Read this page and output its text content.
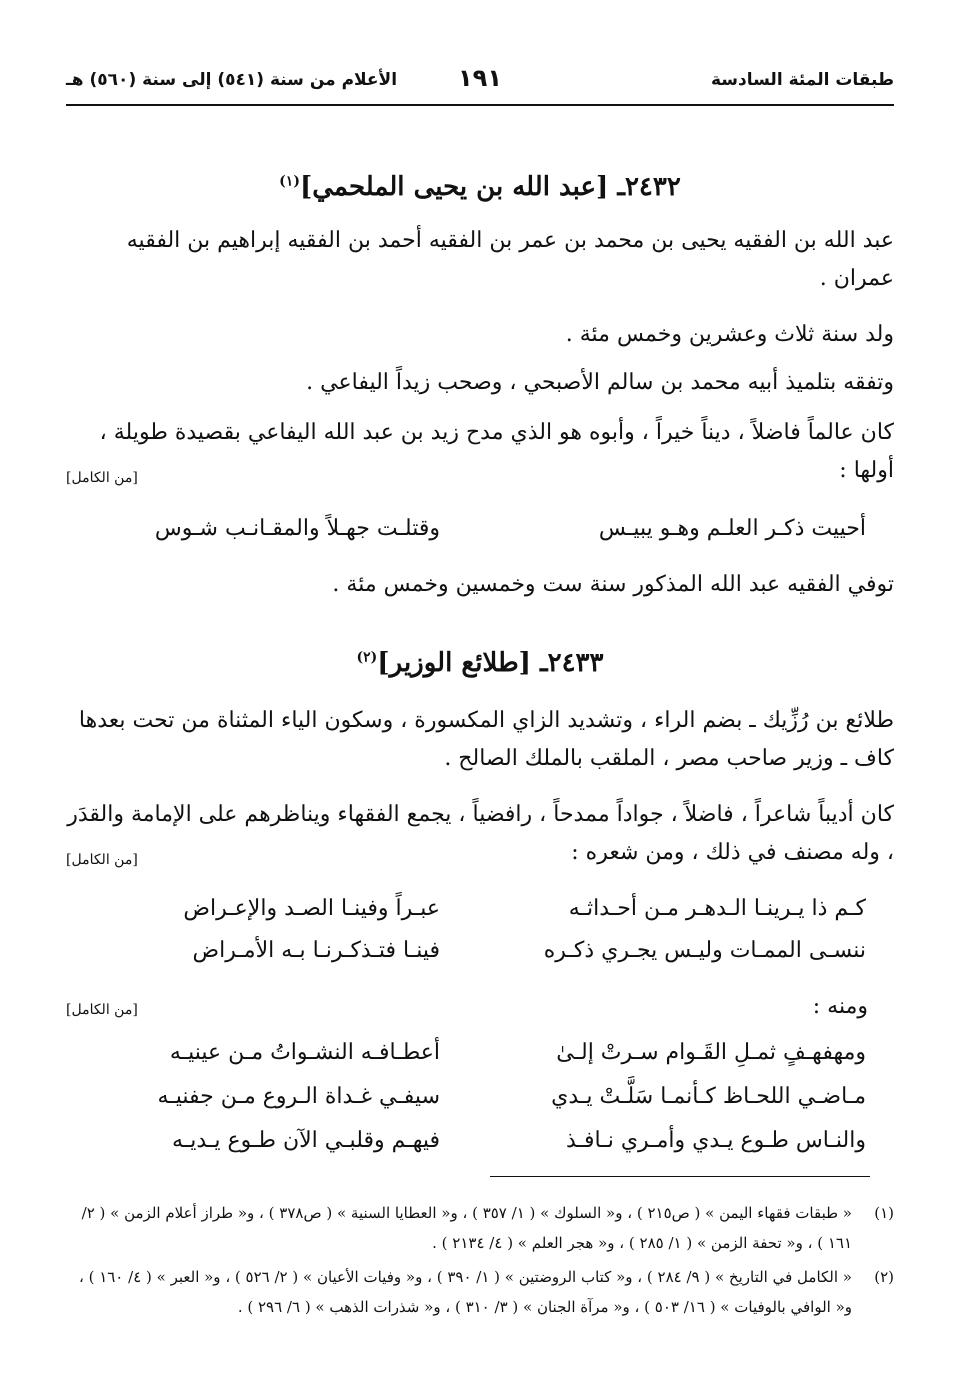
طبقات المئة السادسة
١٩١
الأعلام من سنة (٥٤١) إلى سنة (٥٦٠) هـ
٢٤٣٢ـ [عبد الله بن يحيى الملحمي]$^{(١)}$
عبد الله بن الفقيه يحيى بن محمد بن عمر بن الفقيه أحمد بن الفقيه إبراهيم بن الفقيه عمران .
ولد سنة ثلاث وعشرين وخمس مئة .
وتفقه بتلميذ أبيه محمد بن سالم الأصبحي ، وصحب زيداً اليفاعي .
كان عالماً فاضلاً ، ديناً خيراً ، وأبوه هو الذي مدح زيد بن عبد الله اليفاعي بقصيدة طويلة ، أولها :
[من الكامل]
أحييت ذكـر العلـم وهـو يبيـس
وقتلـت جهـلاً والمقـانـب شـوس
توفي الفقيه عبد الله المذكور سنة ست وخمسين وخمس مئة .
٢٤٣٣ـ [طلائع الوزير]$^{(٢)}$
طلائع بن رُزِّيك ـ بضم الراء ، وتشديد الزاي المكسورة ، وسكون الياء المثناة من تحت بعدها كاف ـ وزير صاحب مصر ، الملقب بالملك الصالح .
كان أديباً شاعراً ، فاضلاً ، جواداً ممدحاً ، رافضياً ، يجمع الفقهاء ويناظرهم على الإمامة والقدَر ، وله مصنف في ذلك ، ومن شعره :
[من الكامل]
كـم ذا يـرينـا الـدهـر مـن أحـداثـه
عبـراً وفينـا الصـد والإعـراض
ننسـى الممـات وليـس يجـري ذكـره
فينـا فتـذكـرنـا بـه الأمـراض
ومنه :
[من الكامل]
ومهفهـفٍ ثمـلِ القَـوام سـرتْ إلـىٰ
أعطـافـه النشـواتُ مـن عينيـه
مـاضـي اللحـاظ كـأنمـا سَلَّـتْ يـدي
سيفـي غـداة الـروع مـن جفنيـه
والنـاس طـوع يـدي وأمـري نـافـذ
فيهـم وقلبـي الآن طـوع يـديـه
(١)
« طبقات فقهاء اليمن » ( ص٢١٥ ) ، و« السلوك » ( ١/ ٣٥٧ ) ، و« العطايا السنية » ( ص٣٧٨ ) ، و« طراز أعلام الزمن » ( ٢/ ١٦١ ) ، و« تحفة الزمن » ( ١/ ٢٨٥ ) ، و« هجر العلم » ( ٤/ ٢١٣٤ ) .
(٢)
« الكامل في التاريخ » ( ٩/ ٢٨٤ ) ، و« كتاب الروضتين » ( ١/ ٣٩٠ ) ، و« وفيات الأعيان » ( ٢/ ٥٢٦ ) ، و« العبر » ( ٤/ ١٦٠ ) ، و« الوافي بالوفيات » ( ١٦/ ٥٠٣ ) ، و« مرآة الجنان » ( ٣/ ٣١٠ ) ، و« شذرات الذهب » ( ٦/ ٢٩٦ ) .
